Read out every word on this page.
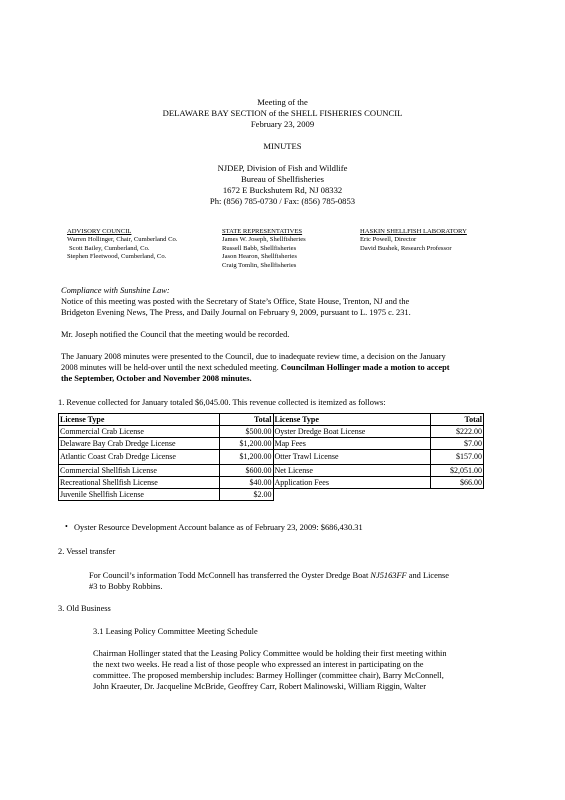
Meeting of the
DELAWARE BAY SECTION of the SHELL FISHERIES COUNCIL
February 23, 2009
MINUTES
NJDEP, Division of Fish and Wildlife
Bureau of Shellfisheries
1672 E Buckshutem Rd, NJ 08332
Ph: (856) 785-0730 / Fax: (856) 785-0853
ADVISORY COUNCIL
Warren Hollinger, Chair, Cumberland Co.
Scott Bailey, Cumberland, Co.
Stephen Fleetwood, Cumberland, Co.
STATE REPRESENTATIVES
James W. Joseph, Shellfisheries
Russell Babb, Shellfisheries
Jason Hearon, Shellfisheries
Craig Tomlin, Shellfisheries
HASKIN SHELLFISH LABORATORY
Eric Powell, Director
David Bushek, Research Professor
Compliance with Sunshine Law:
Notice of this meeting was posted with the Secretary of State’s Office, State House, Trenton, NJ and the
Bridgeton Evening News, The Press, and Daily Journal on February 9, 2009, pursuant to L. 1975 c. 231.
Mr. Joseph notified the Council that the meeting would be recorded.
The January 2008 minutes were presented to the Council, due to inadequate review time, a decision on the January
2008 minutes will be held-over until the next scheduled meeting. Councilman Hollinger made a motion to accept
the September, October and November 2008 minutes.
1. Revenue collected for January totaled $6,045.00. This revenue collected is itemized as follows:
License Type	Total	License Type	Total
Commercial Crab License	$500.00	Oyster Dredge Boat License	$222.00
Delaware Bay Crab Dredge License	$1,200.00	Map Fees	$7.00
Atlantic Coast Crab Dredge License	$1,200.00	Otter Trawl License	$157.00
Commercial Shellfish License	$600.00	Net License	$2,051.00
Recreational Shellfish License	$40.00	Application Fees	$66.00
Juvenile Shellfish License	$2.00		
• Oyster Resource Development Account balance as of February 23, 2009: $686,430.31
2. Vessel transfer
For Council’s information Todd McConnell has transferred the Oyster Dredge Boat NJ5163FF and License
#3 to Bobby Robbins.
3. Old Business
3.1 Leasing Policy Committee Meeting Schedule
Chairman Hollinger stated that the Leasing Policy Committee would be holding their first meeting within
the next two weeks. He read a list of those people who expressed an interest in participating on the
committee. The proposed membership includes: Barmey Hollinger (committee chair), Barry McConnell,
John Kraeuter, Dr. Jacqueline McBride, Geoffrey Carr, Robert Malinowski, William Riggin, Walter
